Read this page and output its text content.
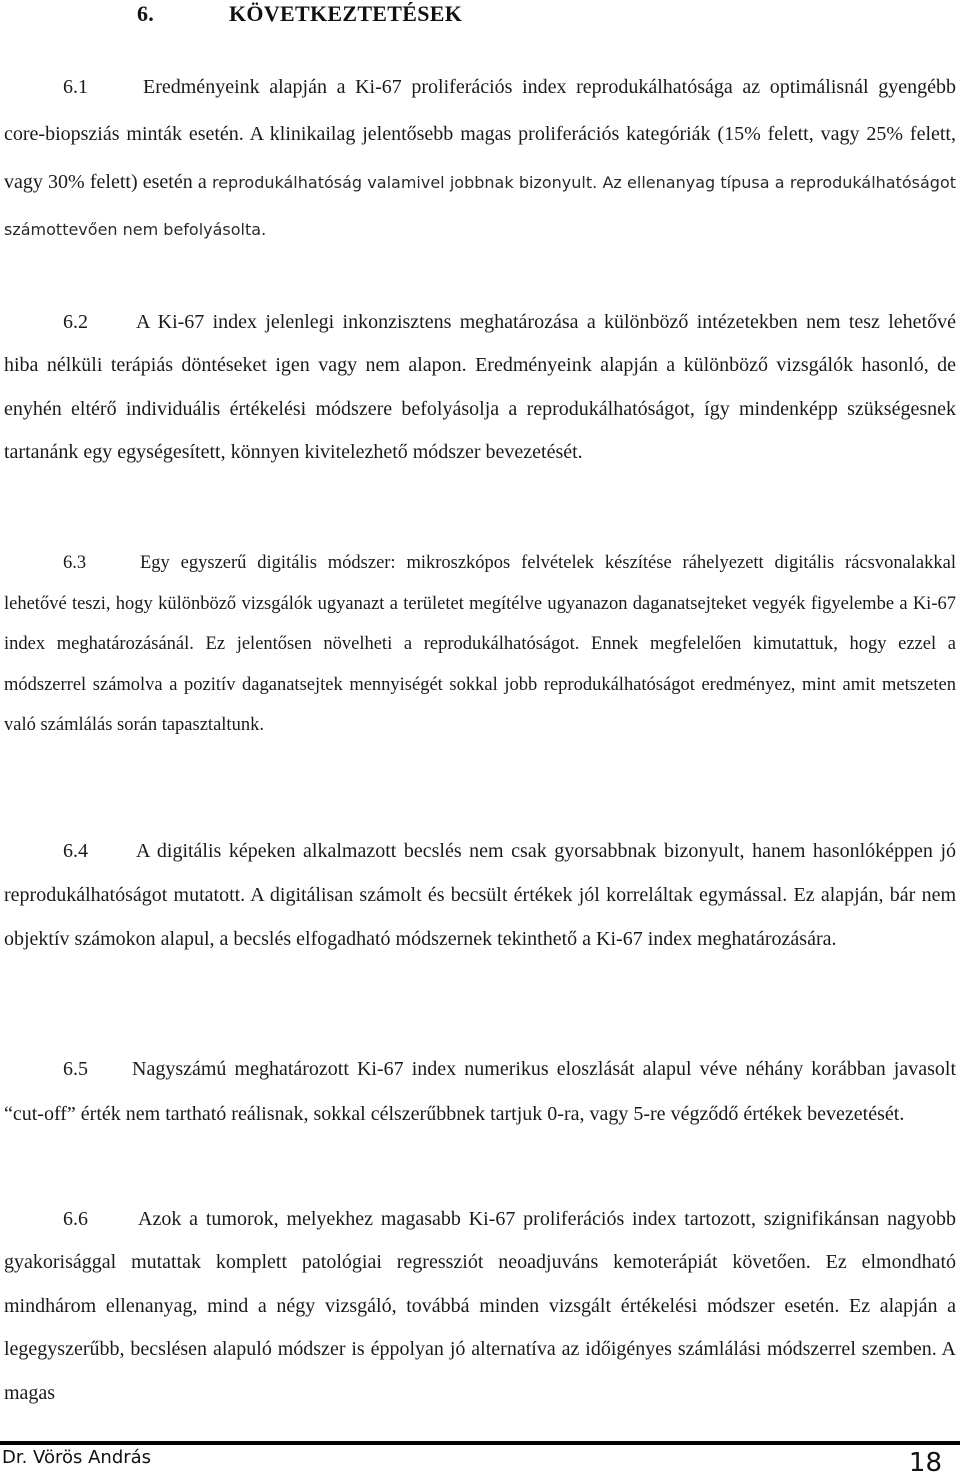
6.	KÖVETKEZTETÉSEK

6.1	Eredményeink alapján a Ki-67 proliferációs index reprodukálhatósága az optimálisnál gyengébb core-biopsziás minták esetén. A klinikailag jelentősebb magas proliferációs kategóriák (15% felett, vagy 25% felett, vagy 30% felett) esetén a reprodukálhatóság valamivel jobbnak bizonyult. Az ellenanyag típusa a reprodukálhatóságot számottevően nem befolyásolta.

6.2 A Ki-67 index jelenlegi inkonzisztens meghatározása a különböző intézetekben nem tesz lehetővé hiba nélküli terápiás döntéseket igen vagy nem alapon. Eredményeink alapján a különböző vizsgálók hasonló, de enyhén eltérő individuális értékelési módszere befolyásolja a reprodukálhatóságot, így mindenképp szükségesnek tartanánk egy egységesített, könnyen kivitelezhető módszer bevezetését.

6.3	Egy egyszerű digitális módszer: mikroszkópos felvételek készítése ráhelyezett digitális rácsvonalakkal lehetővé teszi, hogy különböző vizsgálók ugyanazt a területet megítélve ugyanazon daganatsejteket vegyék figyelembe a Ki-67 index meghatározásánál. Ez jelentősen növelheti a reprodukálhatóságot. Ennek megfelelően kimutattuk, hogy ezzel a módszerrel számolva a pozitív daganatsejtek mennyiségét sokkal jobb reprodukálhatóságot eredményez, mint amit metszeten való számlálás során tapasztaltunk.

6.4 A digitális képeken alkalmazott becslés nem csak gyorsabbnak bizonyult, hanem hasonlóképpen jó reprodukálhatóságot mutatott. A digitálisan számolt és becsült értékek jól korreláltak egymással. Ez alapján, bár nem objektív számokon alapul, a becslés elfogadható módszernek tekinthető a Ki-67 index meghatározására.

6.5 Nagyszámú meghatározott Ki-67 index numerikus eloszlását alapul véve néhány korábban javasolt “cut-off” érték nem tartható reálisnak, sokkal célszerűbbnek tartjuk 0-ra, vagy 5-re végződő értékek bevezetését.

6.6	Azok a tumorok, melyekhez magasabb Ki-67 proliferációs index tartozott, szignifikánsan nagyobb gyakorisággal mutattak komplett patológiai regressziót neoadjuváns kemoterápiát követően. Ez elmondható mindhárom ellenanyag, mind a négy vizsgáló, továbbá minden vizsgált értékelési módszer esetén. Ez alapján a legegyszerűbb, becslésen alapuló módszer is éppolyan jó alternatíva az időigényes számlálási módszerrel szemben. A magas

Dr. Vörös András	18
